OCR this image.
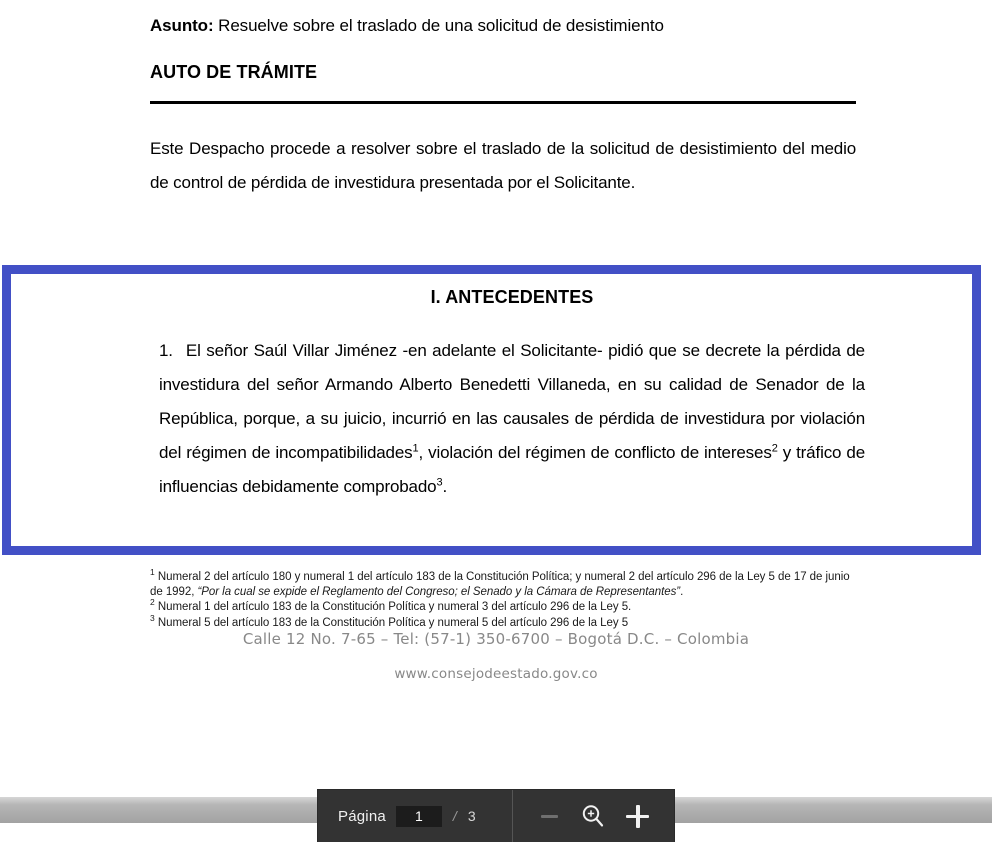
Asunto: Resuelve sobre el traslado de una solicitud de desistimiento
AUTO DE TRÁMITE
Este Despacho procede a resolver sobre el traslado de la solicitud de desistimiento del medio de control de pérdida de investidura presentada por el Solicitante.
I. ANTECEDENTES
1. El señor Saúl Villar Jiménez -en adelante el Solicitante- pidió que se decrete la pérdida de investidura del señor Armando Alberto Benedetti Villaneda, en su calidad de Senador de la República, porque, a su juicio, incurrió en las causales de pérdida de investidura por violación del régimen de incompatibilidades$^1$, violación del régimen de conflicto de intereses$^2$ y tráfico de influencias debidamente comprobado$^3$.

$^1$ Numeral 2 del artículo 180 y numeral 1 del artículo 183 de la Constitución Política; y numeral 2 del artículo 296 de la Ley 5 de 17 de junio de 1992, “Por la cual se expide el Reglamento del Congreso; el Senado y la Cámara de Representantes”.

$^2$ Numeral 1 del artículo 183 de la Constitución Política y numeral 3 del artículo 296 de la Ley 5.

$^3$ Numeral 5 del artículo 183 de la Constitución Política y numeral 5 del artículo 296 de la Ley 5

Calle 12 No. 7-65 – Tel: (57-1) 350-6700 – Bogotá D.C. – Colombia
www.consejodeestado.gov.co
Página
1	/ 3
